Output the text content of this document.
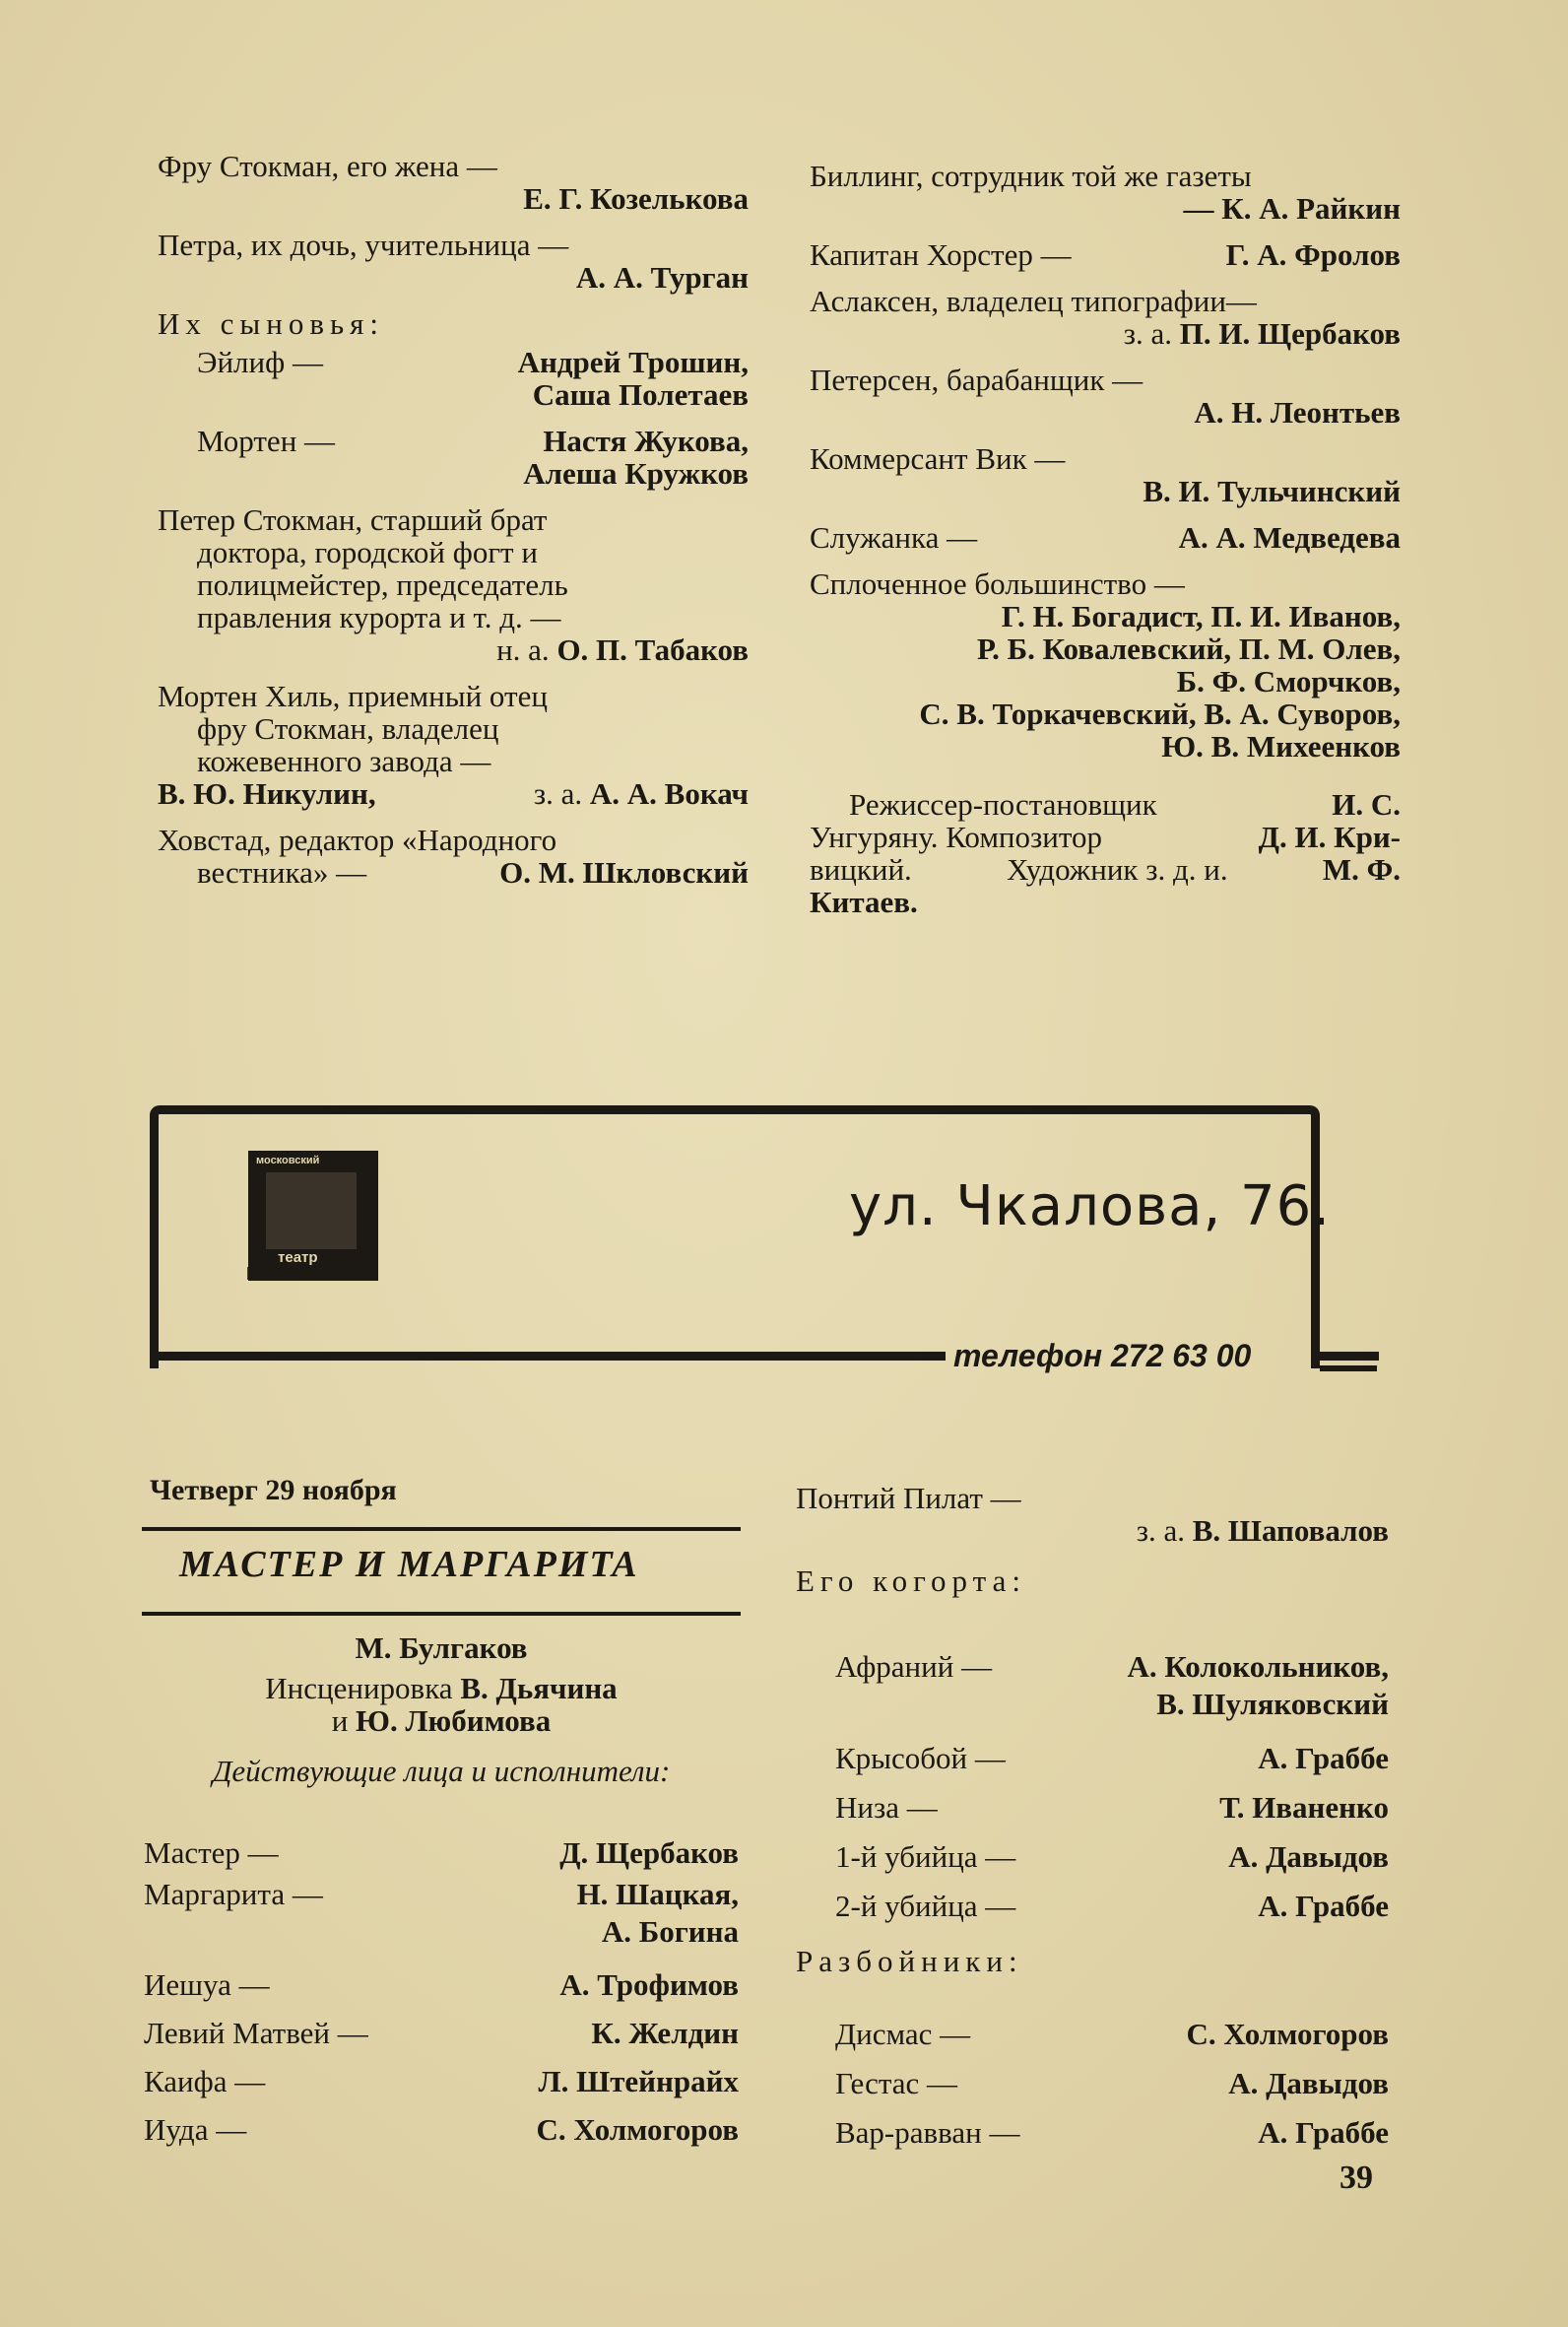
Фру Стокман, его жена —
Е. Г. Козелькова
Петра, их дочь, учительница —
А. А. Турган
Их сыновья:
Эйлиф —	Андрей Трошин,
Саша Полетаев
Мортен —	Настя Жукова,
Алеша Кружков
Петер Стокман, старший брат
доктора, городской фогт и
полицмейстер, председатель
правления курорта и т. д. —
н. а. О. П. Табаков
Мортен Хиль, приемный отец
фру Стокман, владелец
кожевенного завода —
В. Ю. Никулин,	з. а. А. А. Вокач
Ховстад, редактор «Народного
вестника» —	О. М. Шкловский
Биллинг, сотрудник той же газеты
— К. А. Райкин
Капитан Хорстер —	Г. А. Фролов
Аслаксен, владелец типографии—
з. а. П. И. Щербаков
Петерсен, барабанщик —
А. Н. Леонтьев
Коммерсант Вик —
В. И. Тульчинский
Служанка —	А. А. Медведева
Сплоченное большинство —
Г. Н. Богадист, П. И. Иванов,
Р. Б. Ковалевский, П. М. Олев,
Б. Ф. Сморчков,
С. В. Торкачевский, В. А. Суворов,
Ю. В. Михеенков
Режиссер-постановщик	И. С.
Унгуряну. Композитор	Д. И. Кри-
вицкий.	Художник з. д. и.	М. Ф.
Китаев.
московский
театр
НА ТАГАНКЕ
ул. Чкалова, 76.
телефон 272 63 00
Четверг 29 ноября
МАСТЕР И МАРГАРИТА
М. Булгаков
Инсценировка В. Дьячина
и Ю. Любимова
Действующие лица и исполнители:
Мастер —	Д. Щербаков
Маргарита —	Н. Шацкая,
А. Богина
Иешуа —	А. Трофимов
Левий Матвей —	К. Желдин
Каифа —	Л. Штейнрайх
Иуда —	С. Холмогоров
Понтий Пилат —
з. а. В. Шаповалов
Его когорта:
Афраний —	А. Колокольников,
В. Шуляковский
Крысобой —	А. Граббе
Низа —	Т. Иваненко
1-й убийца —	А. Давыдов
2-й убийца —	А. Граббе
Разбойники:
Дисмас —	С. Холмогоров
Гестас —	А. Давыдов
Вар-равван —	А. Граббе
39
